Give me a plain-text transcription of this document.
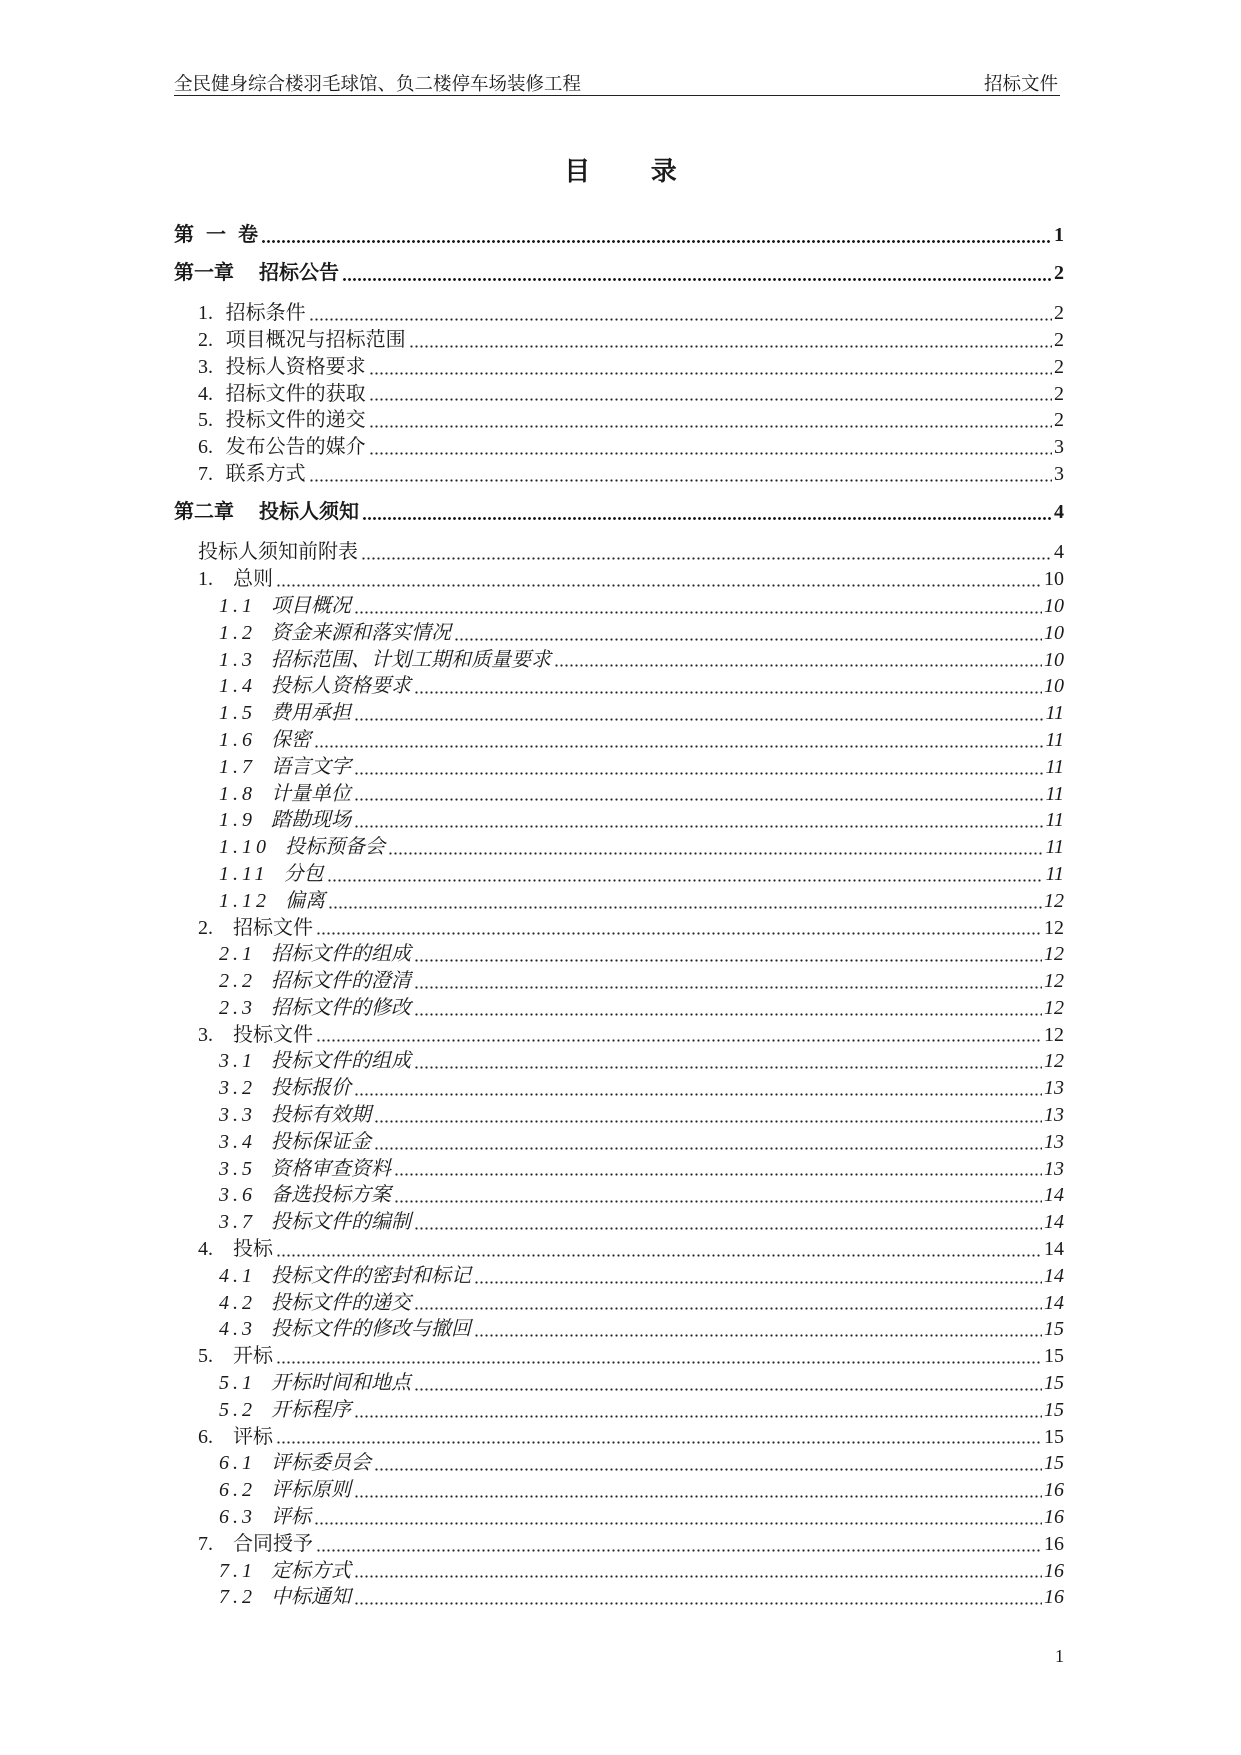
全民健身综合楼羽毛球馆、负二楼停车场装修工程	招标文件
目 录
第 一 卷	1
第一章 招标公告	2
1. 招标条件	2
2. 项目概况与招标范围	2
3. 投标人资格要求	2
4. 招标文件的获取	2
5. 投标文件的递交	2
6. 发布公告的媒介	3
7. 联系方式	3
第二章 投标人须知	4
投标人须知前附表	4
1.	总则	10
1.1 项目概况	10
1.2 资金来源和落实情况	10
1.3 招标范围、计划工期和质量要求	10
1.4 投标人资格要求	10
1.5 费用承担	11
1.6 保密	11
1.7 语言文字	11
1.8 计量单位	11
1.9 踏勘现场	11
1.10 投标预备会	11
1.11 分包	11
1.12 偏离	12
2.	招标文件	12
2.1 招标文件的组成	12
2.2 招标文件的澄清	12
2.3 招标文件的修改	12
3.	投标文件	12
3.1 投标文件的组成	12
3.2 投标报价	13
3.3 投标有效期	13
3.4 投标保证金	13
3.5 资格审查资料	13
3.6 备选投标方案	14
3.7 投标文件的编制	14
4.	投标	14
4.1 投标文件的密封和标记	14
4.2 投标文件的递交	14
4.3 投标文件的修改与撤回	15
5.	开标	15
5.1 开标时间和地点	15
5.2 开标程序	15
6.	评标	15
6.1 评标委员会	15
6.2 评标原则	16
6.3 评标	16
7.	合同授予	16
7.1 定标方式	16
7.2 中标通知	16
1
